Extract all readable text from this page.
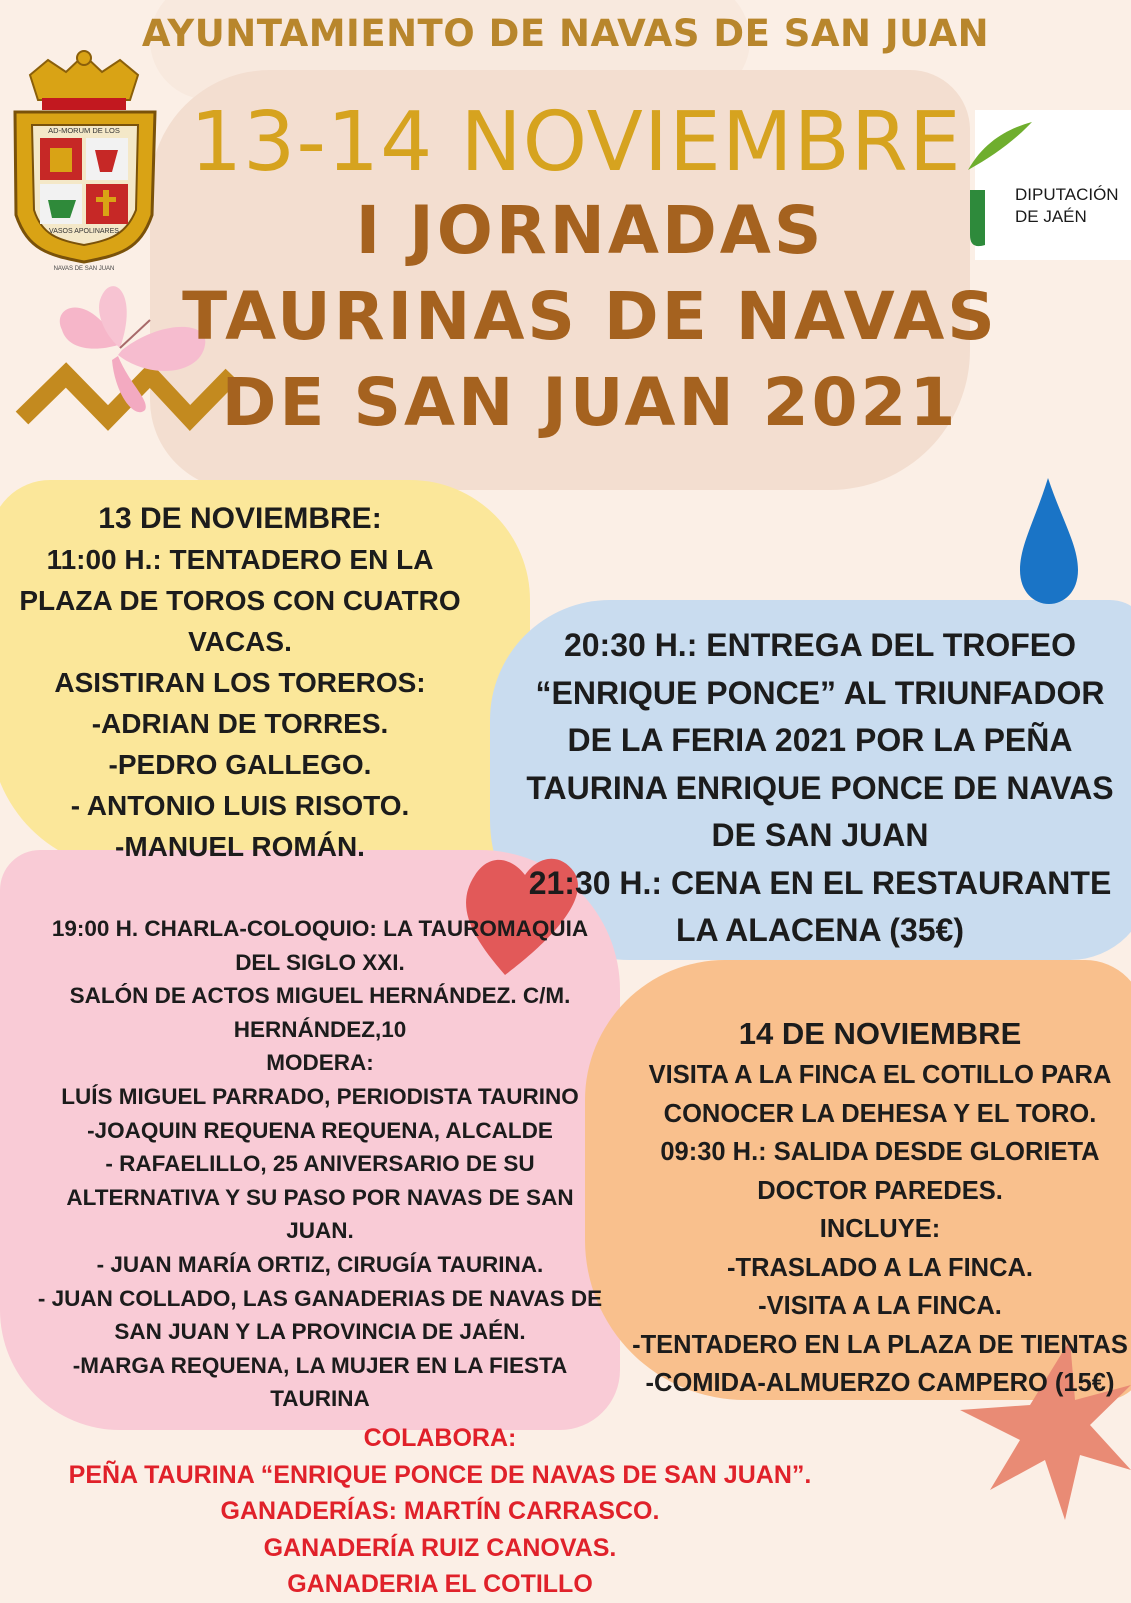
AD-MORUM DE LOS
VASOS APOLINARES
NAVAS DE SAN JUAN
DIPUTACIÓN
DE JAÉN
AYUNTAMIENTO DE NAVAS DE SAN JUAN
13-14 NOVIEMBRE
I JORNADAS
TAURINAS DE NAVAS
DE SAN JUAN 2021
13 DE NOVIEMBRE:
11:00 H.: TENTADERO EN LA
PLAZA DE TOROS CON CUATRO
VACAS.
ASISTIRAN LOS TOREROS:
-ADRIAN DE TORRES.
-PEDRO GALLEGO.
- ANTONIO LUIS RISOTO.
-MANUEL ROMÁN.
20:30 H.: ENTREGA DEL TROFEO
“ENRIQUE PONCE” AL TRIUNFADOR
DE LA FERIA 2021 POR LA PEÑA
TAURINA ENRIQUE PONCE DE NAVAS
DE SAN JUAN
21:30 H.: CENA EN EL RESTAURANTE
LA ALACENA (35€)
19:00 H. CHARLA-COLOQUIO: LA TAUROMAQUIA
DEL SIGLO XXI.
SALÓN DE ACTOS MIGUEL HERNÁNDEZ. C/M.
HERNÁNDEZ,10
MODERA:
LUÍS MIGUEL PARRADO, PERIODISTA TAURINO
-JOAQUIN REQUENA REQUENA, ALCALDE
- RAFAELILLO, 25 ANIVERSARIO DE SU
ALTERNATIVA Y SU PASO POR NAVAS DE SAN
JUAN.
- JUAN MARÍA ORTIZ, CIRUGÍA TAURINA.
- JUAN COLLADO, LAS GANADERIAS DE NAVAS DE
SAN JUAN Y LA PROVINCIA DE JAÉN.
-MARGA REQUENA, LA MUJER EN LA FIESTA
TAURINA
14 DE NOVIEMBRE
VISITA A LA FINCA EL COTILLO PARA
CONOCER LA DEHESA Y EL TORO.
09:30 H.: SALIDA DESDE GLORIETA
DOCTOR PAREDES.
INCLUYE:
-TRASLADO A LA FINCA.
-VISITA A LA FINCA.
-TENTADERO EN LA PLAZA DE TIENTAS
-COMIDA-ALMUERZO CAMPERO (15€)
COLABORA:
PEÑA TAURINA “ENRIQUE PONCE DE NAVAS DE SAN JUAN”.
GANADERÍAS: MARTÍN CARRASCO.
GANADERÍA RUIZ CANOVAS.
GANADERIA EL COTILLO
